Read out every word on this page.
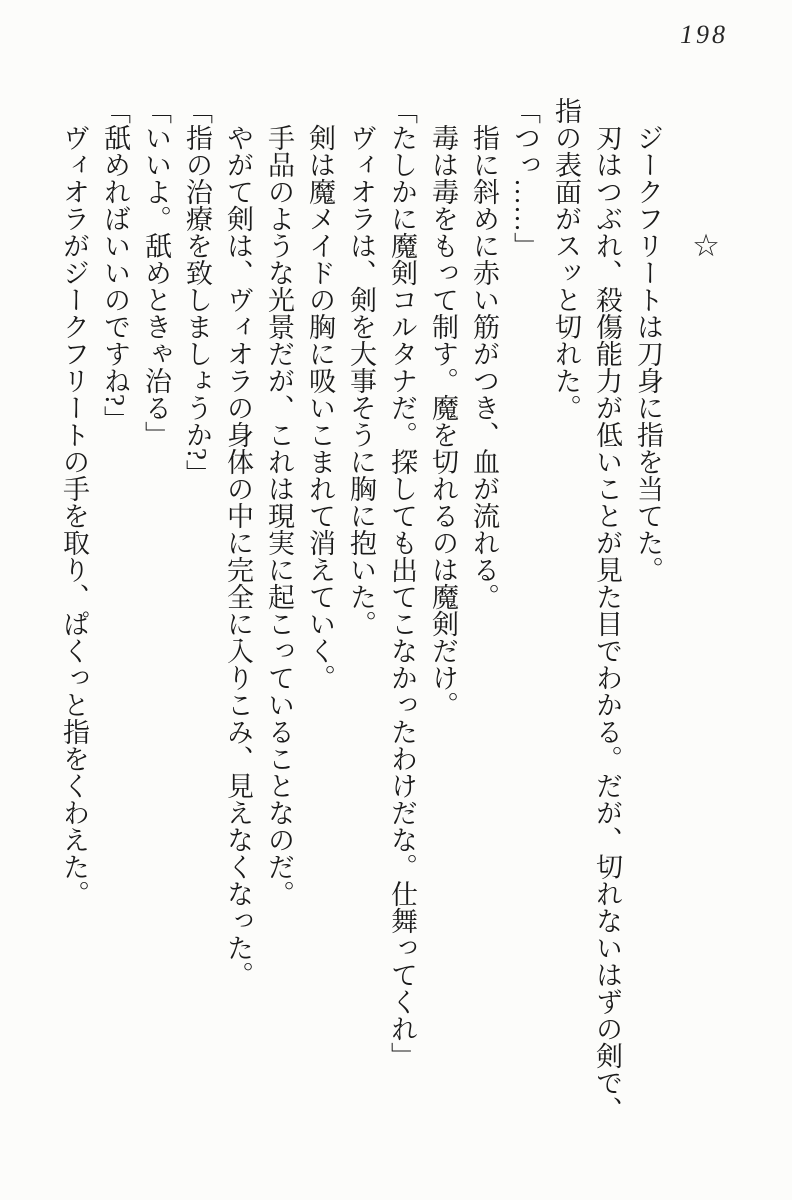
198
☆

ジークフリートは刀身に指を当てた。

刃はつぶれ、殺傷能力が低いことが見た目でわかる。だが、切れないはずの剣で、

指の表面がスッと切れた。

「つっ……」

指に斜めに赤い筋がつき、血が流れる。

毒は毒をもって制す。魔を切れるのは魔剣だけ。

「たしかに魔剣コルタナだ。探しても出てこなかったわけだな。仕舞ってくれ」

ヴィオラは、剣を大事そうに胸に抱いた。

剣は魔メイドの胸に吸いこまれて消えていく。

手品のような光景だが、これは現実に起こっていることなのだ。

やがて剣は、ヴィオラの身体の中に完全に入りこみ、見えなくなった。

「指の治療を致しましょうか?」

「いいよ。舐めときゃ治る」

「舐めればいいのですね?」

ヴィオラがジークフリートの手を取り、ぱくっと指をくわえた。
